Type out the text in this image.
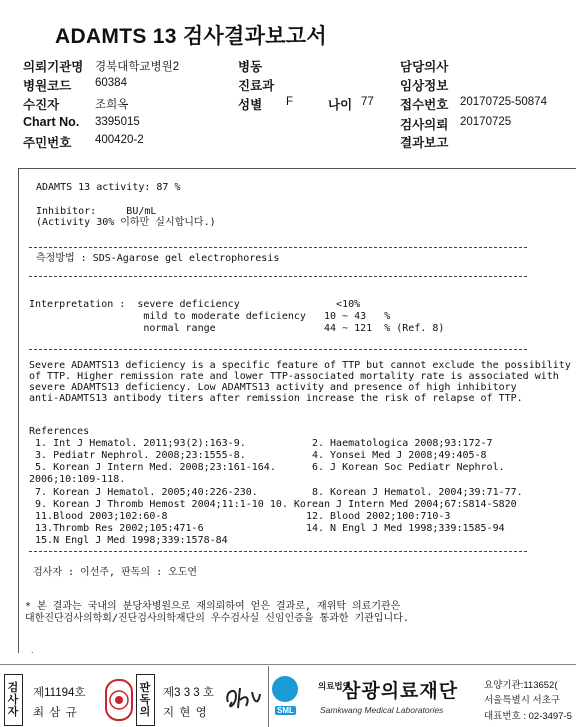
ADAMTS 13 검사결과보고서
의뢰기관명 경북대학교병원2	병동	담당의사
병원코드 60384	진료과	임상정보
수진자	조희옥	성별 F	나이 77 접수번호 20170725-50874
Chart No. 3395015	검사의뢰 20170725
주민번호 400420-2	결과보고
ADAMTS 13 activity: 87 %
Inhibitor:     BU/mL
(Activity 30% 이하만 실시합니다.)
측정방법 : SDS-Agarose gel electrophoresis
Interpretation :  severe deficiency                <10%
mild to moderate deficiency   10 ~ 43   %
normal range                  44 ~ 121  % (Ref. 8)
Severe ADAMTS13 deficiency is a specific feature of TTP but cannot exclude the possibility
of TTP. Higher remission rate and lower TTP-associated mortality rate is associated with
severe ADAMTS13 deficiency. Low ADAMTS13 activity and presence of high inhibitory
anti-ADAMTS13 antibody titers after remission increase the risk of relapse of TTP.
References
1. Int J Hematol. 2011;93(2):163-9.           2. Haematologica 2008;93:172-7
3. Pediatr Nephrol. 2008;23:1555-8.           4. Yonsei Med J 2008;49:405-8
5. Korean J Intern Med. 2008;23:161-164.      6. J Korean Soc Pediatr Nephrol.
2006;10:109-118.
7. Korean J Hematol. 2005;40:226-230.         8. Korean J Hematol. 2004;39:71-77.
9. Korean J Thromb Hemost 2004;11:1-10 10. Korean J Intern Med 2004;67:S814-S820
11.Blood 2003;102:60-8                       12. Blood 2002;100:710-3
13.Thromb Res 2002;105:471-6                 14. N Engl J Med 1998;339:1585-94
15.N Engl J Med 1998;339:1578-84
검사자 : 이선주, 판독의 : 오도연
* 본 결과는 국내의 분당차병원으로 재의뢰하여 얻은 결과로, 재위탁 의료기관은
대한진단검사의학회/진단검사의학재단의 우수검사실 신임인증을 통과한 기관입니다.
.
검사자
제11194호
최 삼 규
판독의
제3 3 3 호
지 현 영	SML
의료법인
삼광의료재단
Samkwang Medical Laboratories
요양기관:113652(
서울특별시 서초구
대표번호 : 02-3497-5
